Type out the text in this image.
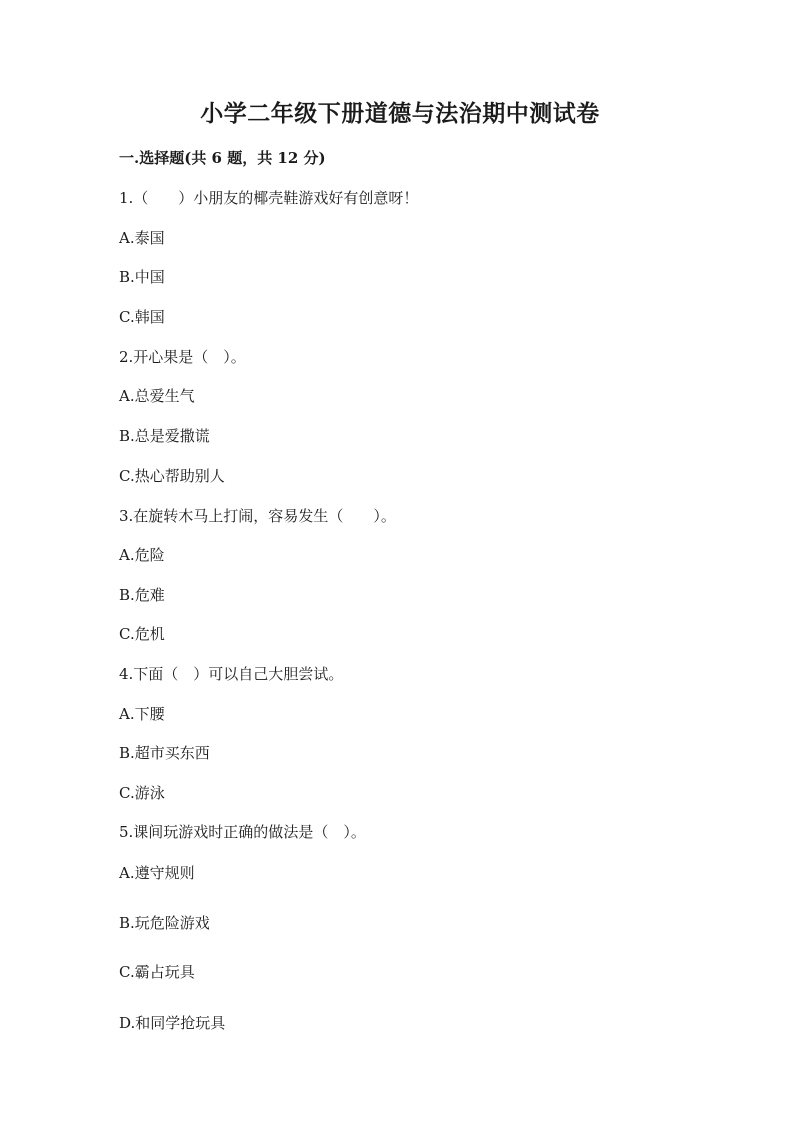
小学二年级下册道德与法治期中测试卷
一.选择题(共 6 题，共 12 分)
1.（　　）小朋友的椰壳鞋游戏好有创意呀！
A.泰国
B.中国
C.韩国
2.开心果是（　）。
A.总爱生气
B.总是爱撒谎
C.热心帮助别人
3.在旋转木马上打闹，容易发生（　　）。
A.危险
B.危难
C.危机
4.下面（　）可以自己大胆尝试。
A.下腰
B.超市买东西
C.游泳
5.课间玩游戏时正确的做法是（　）。
A.遵守规则
B.玩危险游戏
C.霸占玩具
D.和同学抢玩具
